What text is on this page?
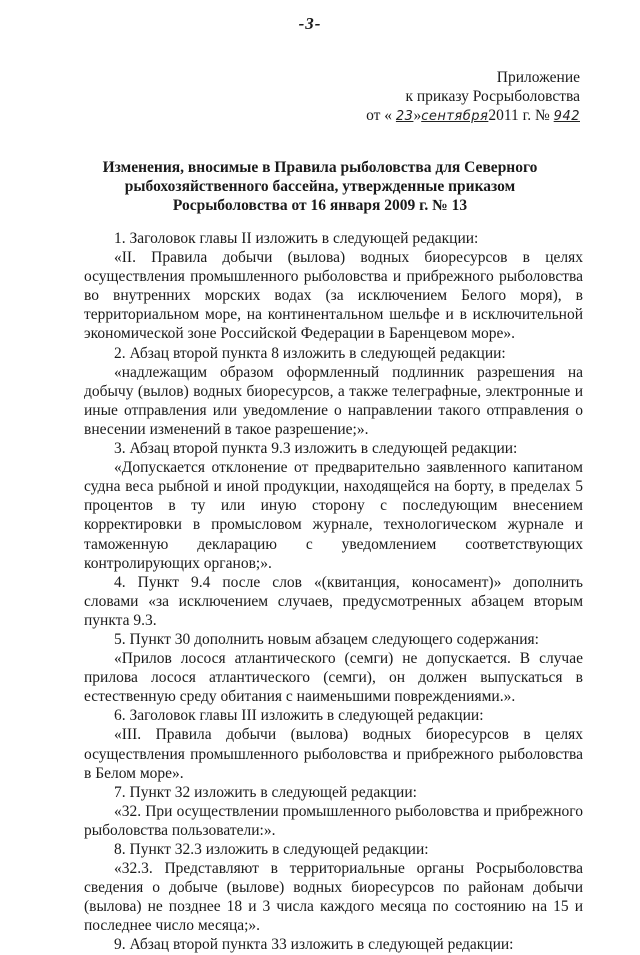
-3-
Приложение
к приказу Росрыболовства
от « 23»сентября2011 г. № 942
Изменения, вносимые в Правила рыболовства для Северного рыбохозяйственного бассейна, утвержденные приказом Росрыболовства от 16 января 2009 г. № 13

1. Заголовок главы II изложить в следующей редакции:

«II. Правила добычи (вылова) водных биоресурсов в целях осуществления промышленного рыболовства и прибрежного рыболовства во внутренних морских водах (за исключением Белого моря), в территориальном море, на континентальном шельфе и в исключительной экономической зоне Российской Федерации в Баренцевом море».

2. Абзац второй пункта 8 изложить в следующей редакции:

«надлежащим образом оформленный подлинник разрешения на добычу (вылов) водных биоресурсов, а также телеграфные, электронные и иные отправления или уведомление о направлении такого отправления о внесении изменений в такое разрешение;».

3. Абзац второй пункта 9.3 изложить в следующей редакции:

«Допускается отклонение от предварительно заявленного капитаном судна веса рыбной и иной продукции, находящейся на борту, в пределах 5 процентов в ту или иную сторону с последующим внесением корректировки в промысловом журнале, технологическом журнале и таможенную декларацию с уведомлением соответствующих контролирующих органов;».

4. Пункт 9.4 после слов «(квитанция, коносамент)» дополнить словами «за исключением случаев, предусмотренных абзацем вторым пункта 9.3.

5. Пункт 30 дополнить новым абзацем следующего содержания:

«Прилов лосося атлантического (семги) не допускается. В случае прилова лосося атлантического (семги), он должен выпускаться в естественную среду обитания с наименьшими повреждениями.».

6. Заголовок главы III изложить в следующей редакции:

«III. Правила добычи (вылова) водных биоресурсов в целях осуществления промышленного рыболовства и прибрежного рыболовства в Белом море».

7. Пункт 32 изложить в следующей редакции:

«32. При осуществлении промышленного рыболовства и прибрежного рыболовства пользователи:».

8. Пункт 32.3 изложить в следующей редакции:

«32.3. Представляют в территориальные органы Росрыболовства сведения о добыче (вылове) водных биоресурсов по районам добычи (вылова) не позднее 18 и 3 числа каждого месяца по состоянию на 15 и последнее число месяца;».

9. Абзац второй пункта 33 изложить в следующей редакции:
